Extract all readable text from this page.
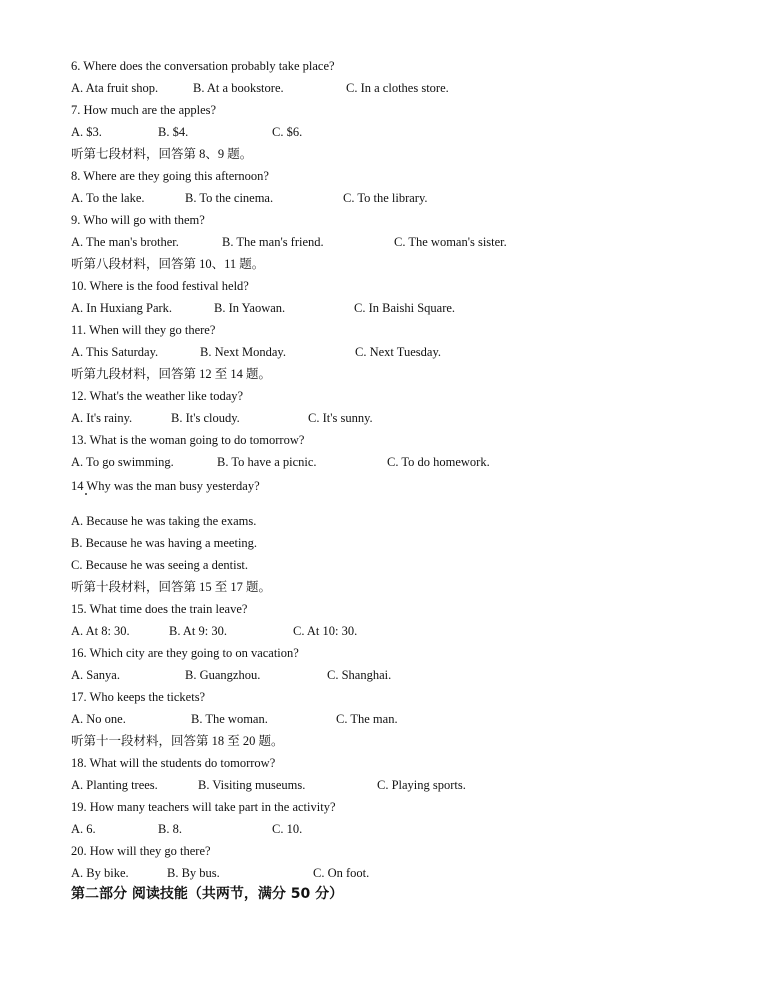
6. Where does the conversation probably take place?
A. Ata fruit shop.	B. At a bookstore.	C. In a clothes store.
7. How much are the apples?
A. $3.	B. $4.	C. $6.
听第七段材料，回答第 8、9 题。
8. Where are they going this afternoon?
A. To the lake.	B. To the cinema.	C. To the library.
9. Who will go with them?
A. The man's brother.	B. The man's friend.	C. The woman's sister.
听第八段材料，回答第 10、11 题。
10. Where is the food festival held?
A. In Huxiang Park.	B. In Yaowan.	C. In Baishi Square.
11. When will they go there?
A. This Saturday.	B. Next Monday.	C. Next Tuesday.
听第九段材料，回答第 12 至 14 题。
12. What's the weather like today?
A. It's rainy.	B. It's cloudy.	C. It's sunny.
13. What is the woman going to do tomorrow?
A. To go swimming.	B. To have a picnic.	C. To do homework.
14 Why was the man busy yesterday?
A. Because he was taking the exams.
B. Because he was having a meeting.
C. Because he was seeing a dentist.
听第十段材料，回答第 15 至 17 题。
15. What time does the train leave?
A. At 8: 30.	B. At 9: 30.	C. At 10: 30.
16. Which city are they going to on vacation?
A. Sanya.	B. Guangzhou.	C. Shanghai.
17. Who keeps the tickets?
A. No one.	B. The woman.	C. The man.
听第十一段材料，回答第 18 至 20 题。
18. What will the students do tomorrow?
A. Planting trees.	B. Visiting museums.	C. Playing sports.
19. How many teachers will take part in the activity?
A. 6.	B. 8.	C. 10.
20. How will they go there?
A. By bike.	B. By bus.	C. On foot.
第二部分 阅读技能（共两节，满分 50 分）
